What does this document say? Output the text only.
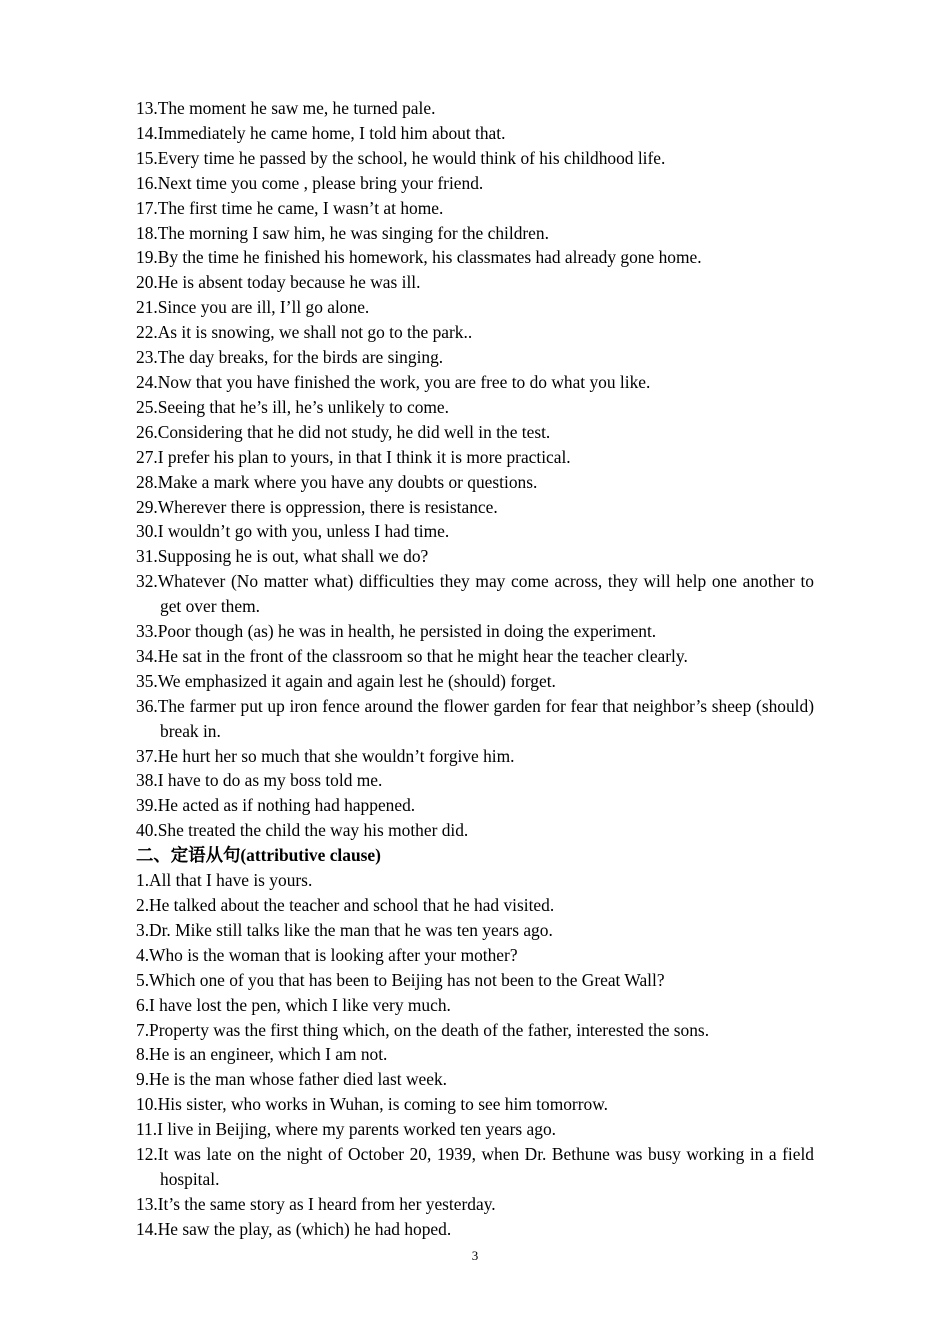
13.The moment he saw me, he turned pale.

14.Immediately he came home, I told him about that.

15.Every time he passed by the school, he would think of his childhood life.

16.Next time you come , please bring your friend.

17.The first time he came, I wasn’t at home.

18.The morning I saw him, he was singing for the children.

19.By the time he finished his homework, his classmates had already gone home.

20.He is absent today because he was ill.

21.Since you are ill, I’ll go alone.

22.As it is snowing, we shall not go to the park..

23.The day breaks, for the birds are singing.

24.Now that you have finished the work, you are free to do what you like.

25.Seeing that he’s ill, he’s unlikely to come.

26.Considering that he did not study, he did well in the test.

27.I prefer his plan to yours, in that I think it is more practical.

28.Make a mark where you have any doubts or questions.

29.Wherever there is oppression, there is resistance.

30.I wouldn’t go with you, unless I had time.

31.Supposing he is out, what shall we do?

32.Whatever (No matter what) difficulties they may come across, they will help one another to get over them.

33.Poor though (as) he was in health, he persisted in doing the experiment.

34.He sat in the front of the classroom so that he might hear the teacher clearly.

35.We emphasized it again and again lest he (should) forget.

36.The farmer put up iron fence around the flower garden for fear that neighbor’s sheep (should) break in.

37.He hurt her so much that she wouldn’t forgive him.

38.I have to do as my boss told me.

39.He acted as if nothing had happened.

40.She treated the child the way his mother did.

二、定语从句(attributive clause)

1.All that I have is yours.

2.He talked about the teacher and school that he had visited.

3.Dr. Mike still talks like the man that he was ten years ago.

4.Who is the woman that is looking after your mother?

5.Which one of you that has been to Beijing has not been to the Great Wall?

6.I have lost the pen, which I like very much.

7.Property was the first thing which, on the death of the father, interested the sons.

8.He is an engineer, which I am not.

9.He is the man whose father died last week.

10.His sister, who works in Wuhan, is coming to see him tomorrow.

11.I live in Beijing, where my parents worked ten years ago.

12.It was late on the night of October 20, 1939, when Dr. Bethune was busy working in a field hospital.

13.It’s the same story as I heard from her yesterday.

14.He saw the play, as (which) he had hoped.

3
